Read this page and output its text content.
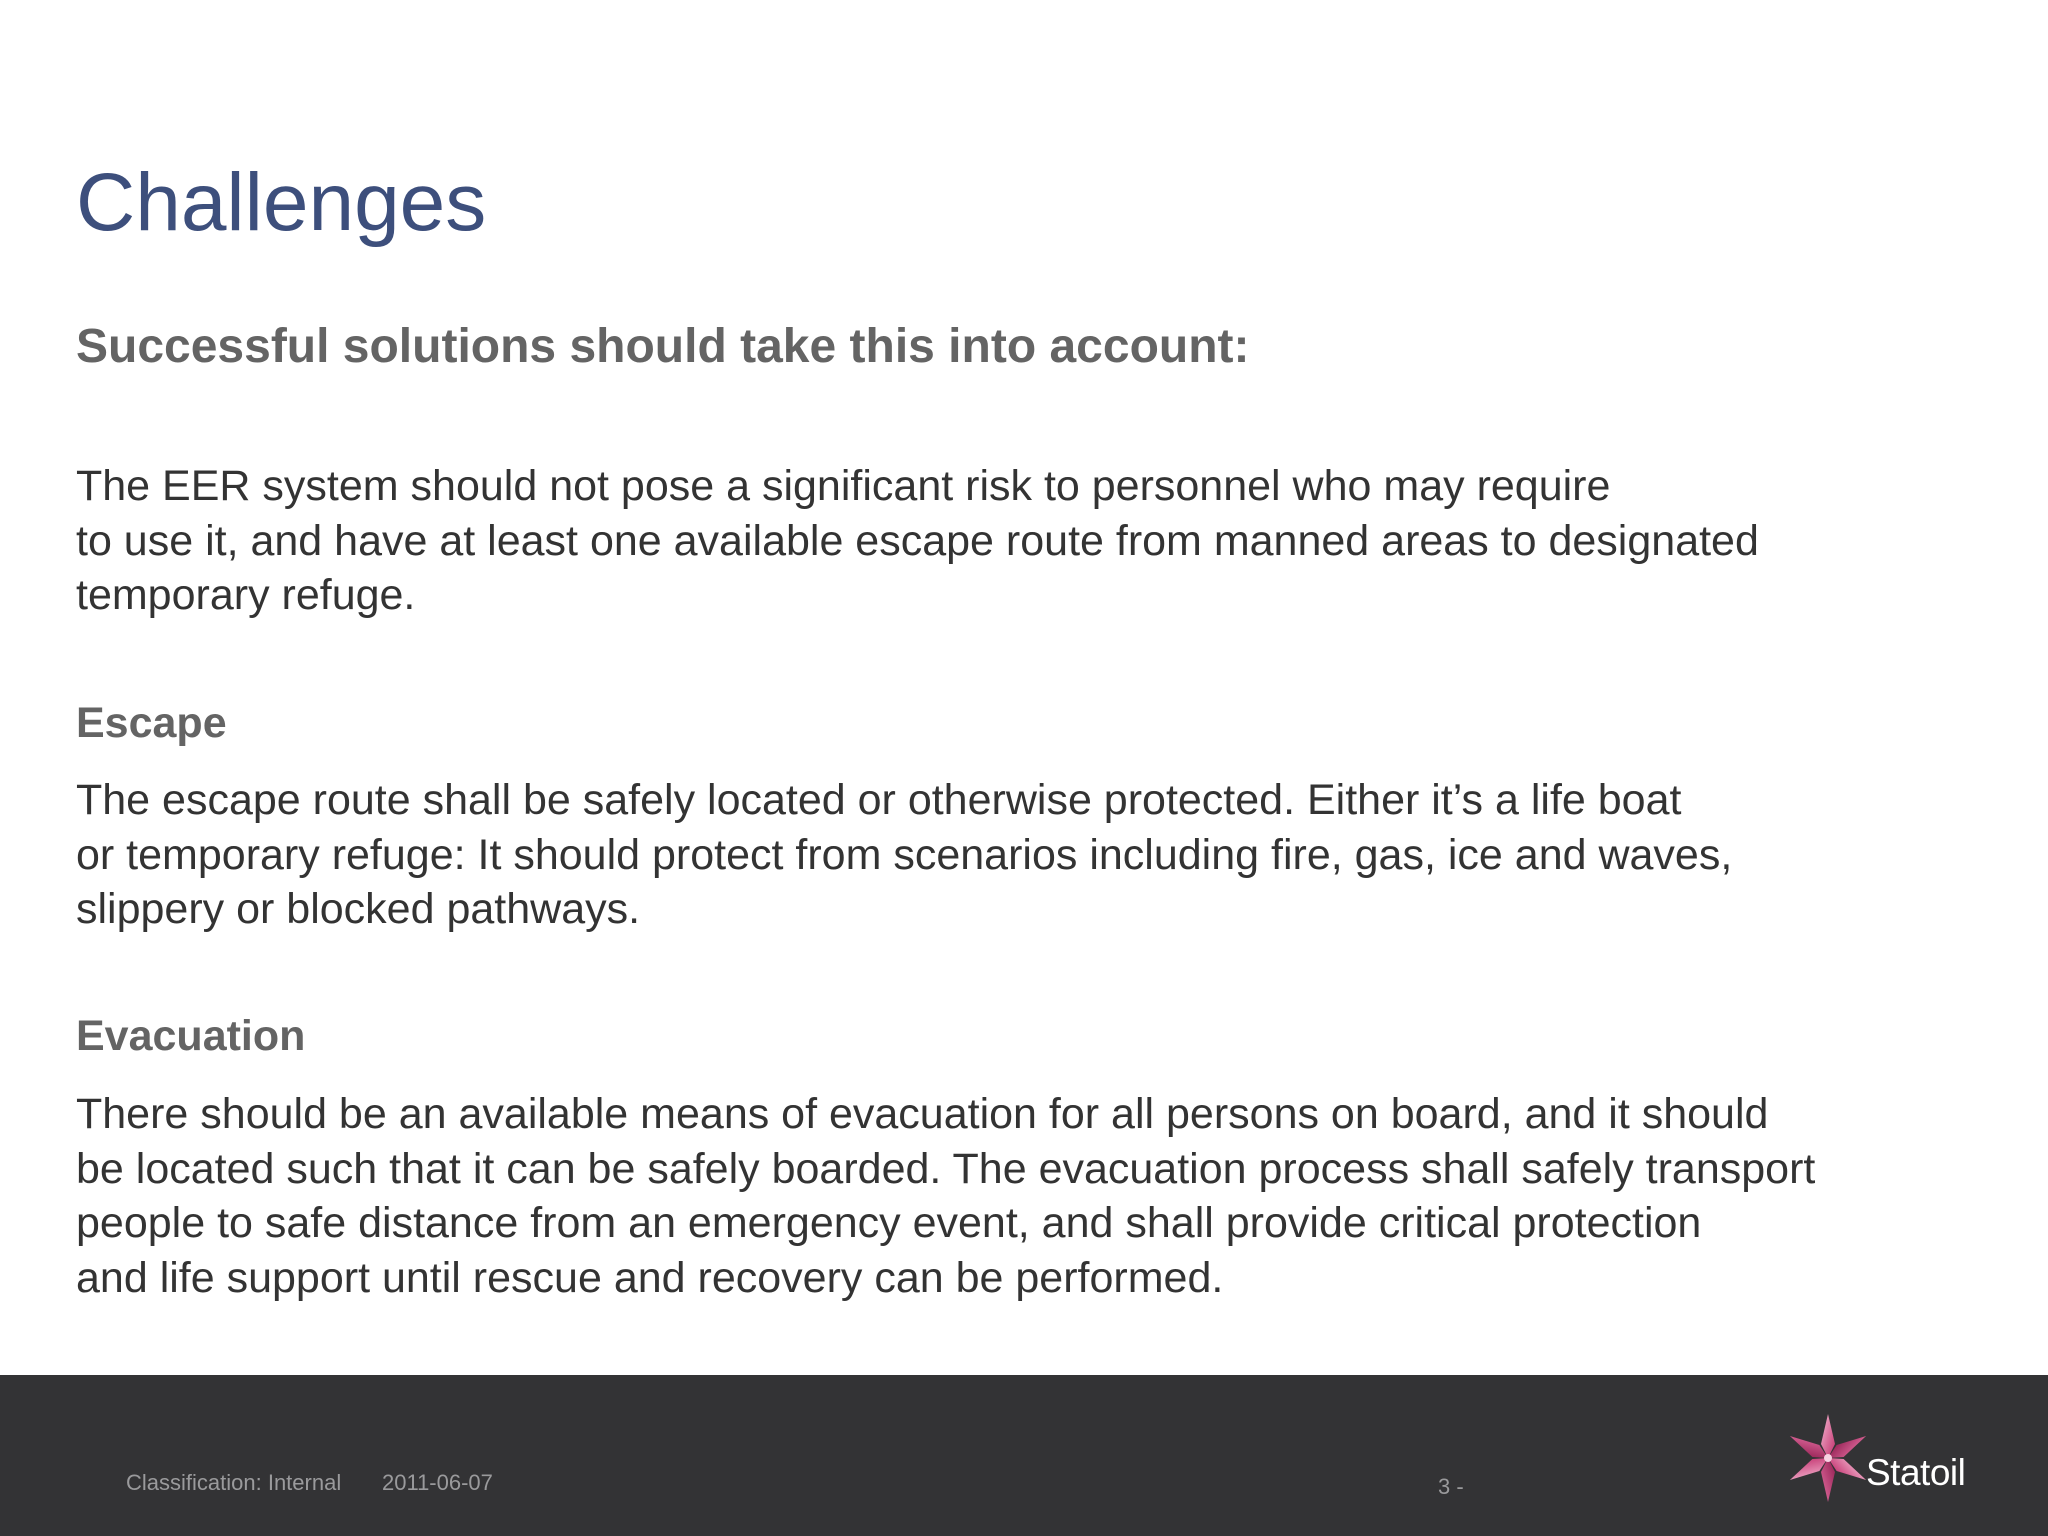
Challenges
Successful solutions should take this into account:

The EER system should not pose a significant risk to personnel who may require
to use it, and have at least one available escape route from manned areas to designated
temporary refuge.

Escape

The escape route shall be safely located or otherwise protected. Either it’s a life boat
or temporary refuge: It should protect from scenarios including fire, gas, ice and waves,
slippery or blocked pathways.

Evacuation

There should be an available means of evacuation for all persons on board, and it should
be located such that it can be safely boarded. The evacuation process shall safely transport
people to safe distance from an emergency event, and shall provide critical protection
and life support until rescue and recovery can be performed.

Classification: Internal 2011-06-07	3 -	Statoil
